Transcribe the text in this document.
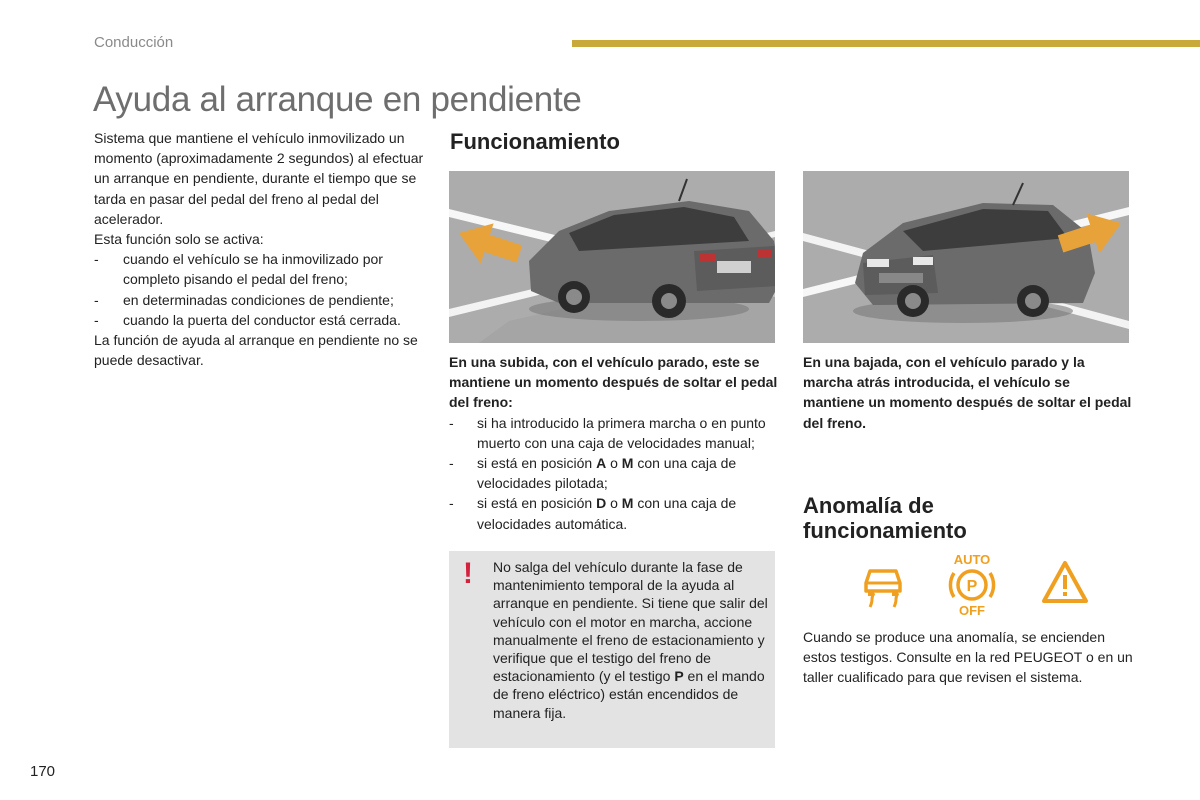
Conducción
Ayuda al arranque en pendiente

Sistema que mantiene el vehículo inmovilizado un momento (aproximadamente 2 segundos) al efectuar un arranque en pendiente, durante el tiempo que se tarda en pasar del pedal del freno al pedal del acelerador.

Esta función solo se activa:

- cuando el vehículo se ha inmovilizado por completo pisando el pedal del freno;
- en determinadas condiciones de pendiente;
- cuando la puerta del conductor está cerrada.

La función de ayuda al arranque en pendiente no se puede desactivar.

Funcionamiento

En una subida, con el vehículo parado, este se mantiene un momento después de soltar el pedal del freno:

- si ha introducido la primera marcha o en punto muerto con una caja de velocidades manual;
- si está en posición A o M con una caja de velocidades pilotada;
- si está en posición D o M con una caja de velocidades automática.

En una bajada, con el vehículo parado y la marcha atrás introducida, el vehículo se mantiene un momento después de soltar el pedal del freno.

! No salga del vehículo durante la fase de mantenimiento temporal de la ayuda al arranque en pendiente. Si tiene que salir del vehículo con el motor en marcha, accione manualmente el freno de estacionamiento y verifique que el testigo del freno de estacionamiento (y el testigo P en el mando de freno eléctrico) están encendidos de manera fija.

Anomalía de funcionamiento
AUTO
P
OFF

Cuando se produce una anomalía, se encienden estos testigos. Consulte en la red PEUGEOT o en un taller cualificado para que revisen el sistema.

170
